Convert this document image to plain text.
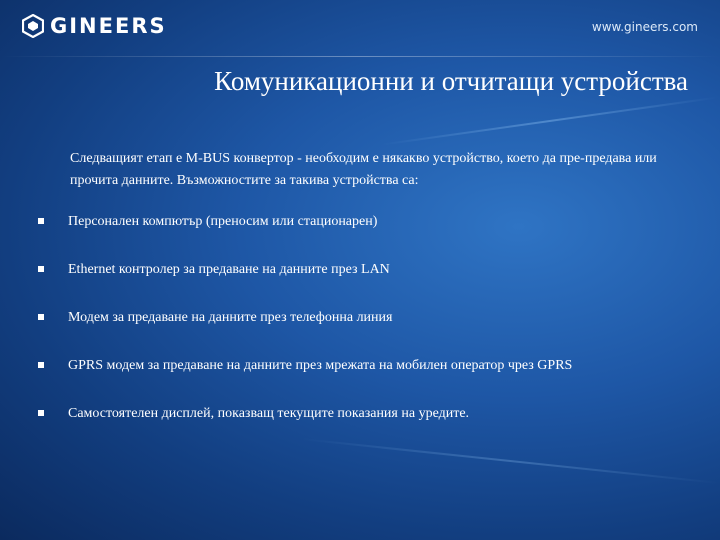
GINEERS	www.gineers.com
Комуникационни и отчитащи устройства
Следващият етап е M-BUS конвертор - необходим е някакво устройство, което да пре-предава или прочита данните. Възможностите за такива устройства са:
Персонален компютър (преносим или стационарен)
Ethernet контролер за предаване на данните през LAN
Модем за предаване на данните през телефонна линия
GPRS модем за предаване на данните през мрежата на мобилен оператор чрез GPRS
Самостоятелен дисплей, показващ текущите показания на уредите.
